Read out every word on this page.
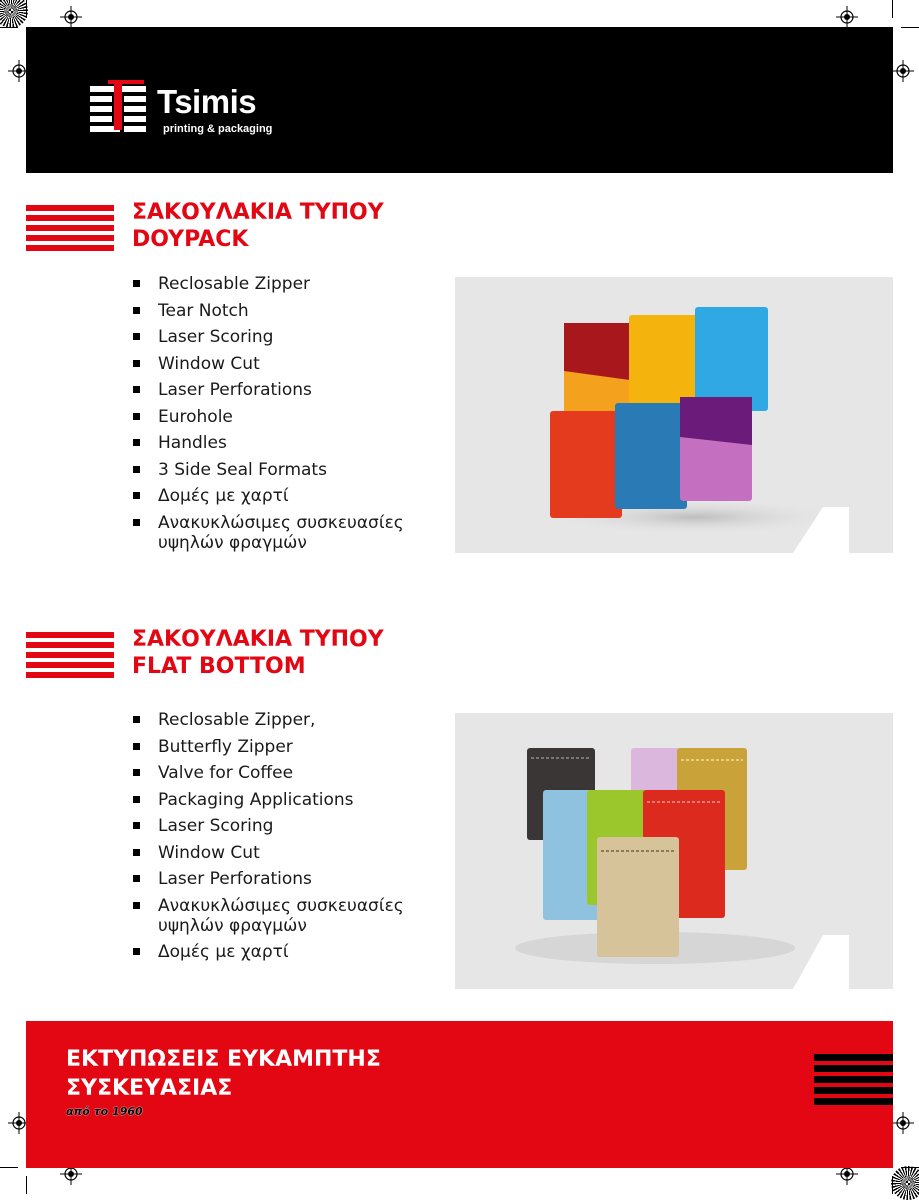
Tsimis
printing & packaging
ΣΑΚΟΥΛΑΚΙΑ ΤΥΠΟΥ
DOYPACK
Reclosable Zipper
Tear Notch
Laser Scoring
Window Cut
Laser Perforations
Eurohole
Handles
3 Side Seal Formats
Δομές με χαρτί
Ανακυκλώσιμες συσκευασίες υψηλών φραγμών
ΣΑΚΟΥΛΑΚΙΑ ΤΥΠΟΥ
FLAT BOTTOM
Reclosable Zipper,
Butterfly Zipper
Valve for Coffee
Packaging Applications
Laser Scoring
Window Cut
Laser Perforations
Ανακυκλώσιμες συσκευασίες υψηλών φραγμών
Δομές με χαρτί
ΕΚΤΥΠΩΣΕΙΣ ΕΥΚΑΜΠΤΗΣ
ΣΥΣΚΕΥΑΣΙΑΣ
από το 1960
